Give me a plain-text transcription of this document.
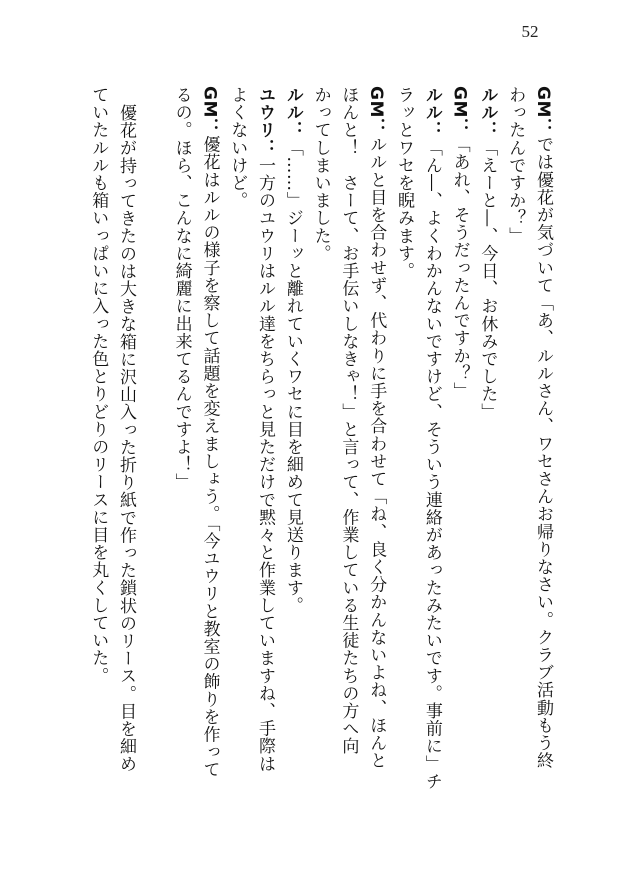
52
GM：では優花が気づいて「あ、ルルさん、ワセさんお帰りなさい。クラブ活動もう終
わったんですか？」
ルル：「えーと―、今日、お休みでした」
GM：「あれ、そうだったんですか？」
ルル：「ん―、よくわかんないですけど、そういう連絡があったみたいです。事前に」チ
ラッとワセを睨みます。
GM：ルルと目を合わせず、代わりに手を合わせて「ね、良く分かんないよね、ほんと
ほんと！　さーて、お手伝いしなきゃ！」と言って、作業している生徒たちの方へ向
かってしまいました。
ルル：「……」ジーッと離れていくワセに目を細めて見送ります。
ユウリ：一方のユウリはルル達をちらっと見ただけで黙々と作業していますね、手際は
よくないけど。
GM：優花はルルの様子を察して話題を変えましょう。「今ユウリと教室の飾りを作って
るの。ほら、こんなに綺麗に出来てるんですよ！」

優花が持ってきたのは大きな箱に沢山入った折り紙で作った鎖状のリース。目を細め
ていたルルも箱いっぱいに入った色とりどりのリースに目を丸くしていた。
